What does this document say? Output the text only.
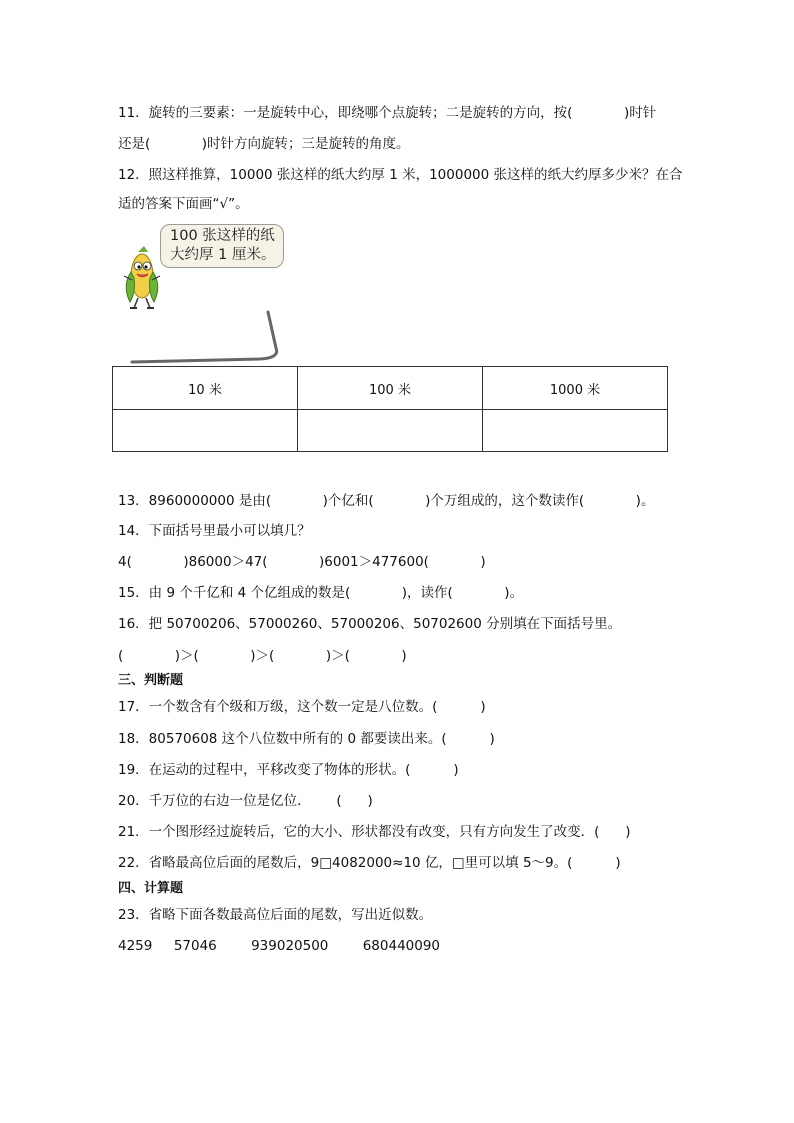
11．旋转的三要素：一是旋转中心，即绕哪个点旋转；二是旋转的方向，按(            )时针
还是(            )时针方向旋转；三是旋转的角度。
12．照这样推算，10000 张这样的纸大约厚 1 米，1000000 张这样的纸大约厚多少米？在合
适的答案下面画“√”。
100 张这样的纸
大约厚 1 厘米。
10 米	100 米	1000 米

13．8960000000 是由(            )个亿和(            )个万组成的，这个数读作(            )。
14．下面括号里最小可以填几？
4(            )86000＞47(            )6001＞477600(            )
15．由 9 个千亿和 4 个亿组成的数是(            )，读作(            )。
16．把 50700206、57000260、57000206、50702600 分别填在下面括号里。
(            )＞(            )＞(            )＞(            )
三、判断题
17．一个数含有个级和万级，这个数一定是八位数。(          )
18．80570608 这个八位数中所有的 0 都要读出来。(          )
19．在运动的过程中，平移改变了物体的形状。(          )
20．千万位的右边一位是亿位．      (      )
21．一个图形经过旋转后，它的大小、形状都没有改变，只有方向发生了改变．(      )
22．省略最高位后面的尾数后，9□4082000≈10 亿，□里可以填 5～9。(          )
四、计算题
23．省略下面各数最高位后面的尾数，写出近似数。
4259     57046        939020500        680440090
